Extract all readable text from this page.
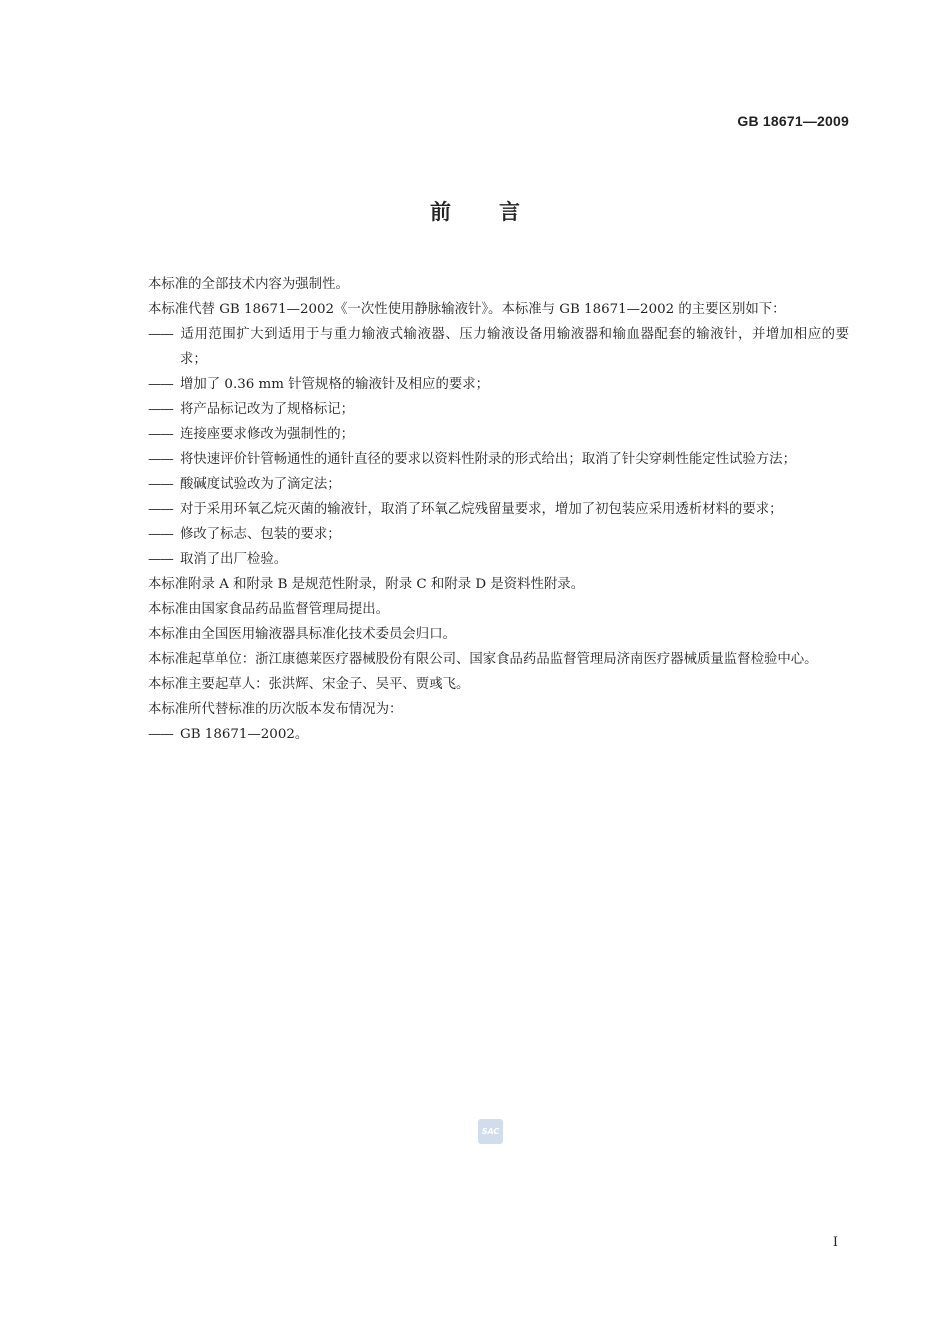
GB 18671—2009
前 言

本标准的全部技术内容为强制性。

本标准代替 GB 18671—2002《一次性使用静脉输液针》。本标准与 GB 18671—2002 的主要区别如下：

—— 适用范围扩大到适用于与重力输液式输液器、压力输液设备用输液器和输血器配套的输液针，并增加相应的要求；

—— 增加了 0.36 mm 针管规格的输液针及相应的要求；

—— 将产品标记改为了规格标记；

—— 连接座要求修改为强制性的；

—— 将快速评价针管畅通性的通针直径的要求以资料性附录的形式给出；取消了针尖穿刺性能定性试验方法；

—— 酸碱度试验改为了滴定法；

—— 对于采用环氧乙烷灭菌的输液针，取消了环氧乙烷残留量要求，增加了初包装应采用透析材料的要求；

—— 修改了标志、包装的要求；

—— 取消了出厂检验。

本标准附录 A 和附录 B 是规范性附录，附录 C 和附录 D 是资料性附录。

本标准由国家食品药品监督管理局提出。

本标准由全国医用输液器具标准化技术委员会归口。

本标准起草单位：浙江康德莱医疗器械股份有限公司、国家食品药品监督管理局济南医疗器械质量监督检验中心。

本标准主要起草人：张洪辉、宋金子、吴平、贾彧飞。

本标准所代替标准的历次版本发布情况为：

—— GB 18671—2002。

SAC
I
